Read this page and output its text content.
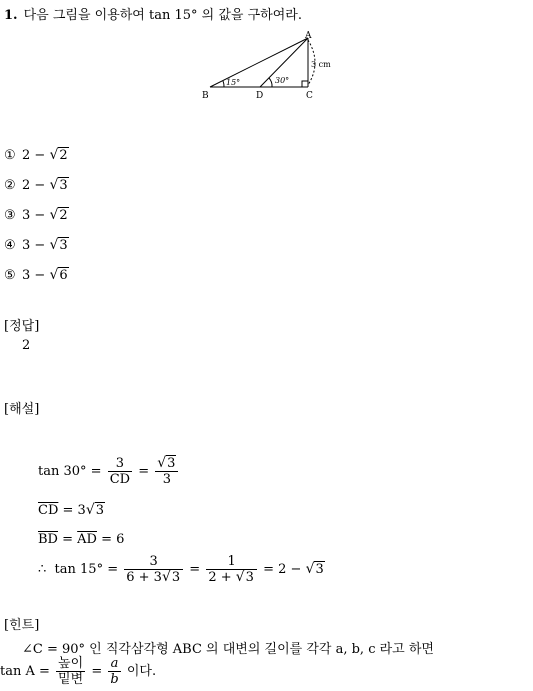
1. 다음 그림을 이용하여 tan 15° 의 값을 구하여라.
A
B	C
D
3 cm
15°	30°
① 2 − √2
② 2 − √3
③ 3 − √2
④ 3 − √3
⑤ 3 − √6
[정답]
2
[해설]
$\tan 30^\circ = \frac{3}{CD} = \frac{√3}{3}$
$\overline{CD} = 3√3$
$\overline{BD} = \overline{AD} = 6$
∴ $\tan 15^\circ = \frac{3}{6 + 3√3} = \frac{1}{2 + √3} = 2 - √3$
[힌트]
∠C = 90° 인 직각삼각형 ABC 의 대변의 길이를 각각 a, b, c 라고 하면
$\tan A = \frac{\text{높이}}{\text{밑변}} = \frac{a}{b}$ 이다.
